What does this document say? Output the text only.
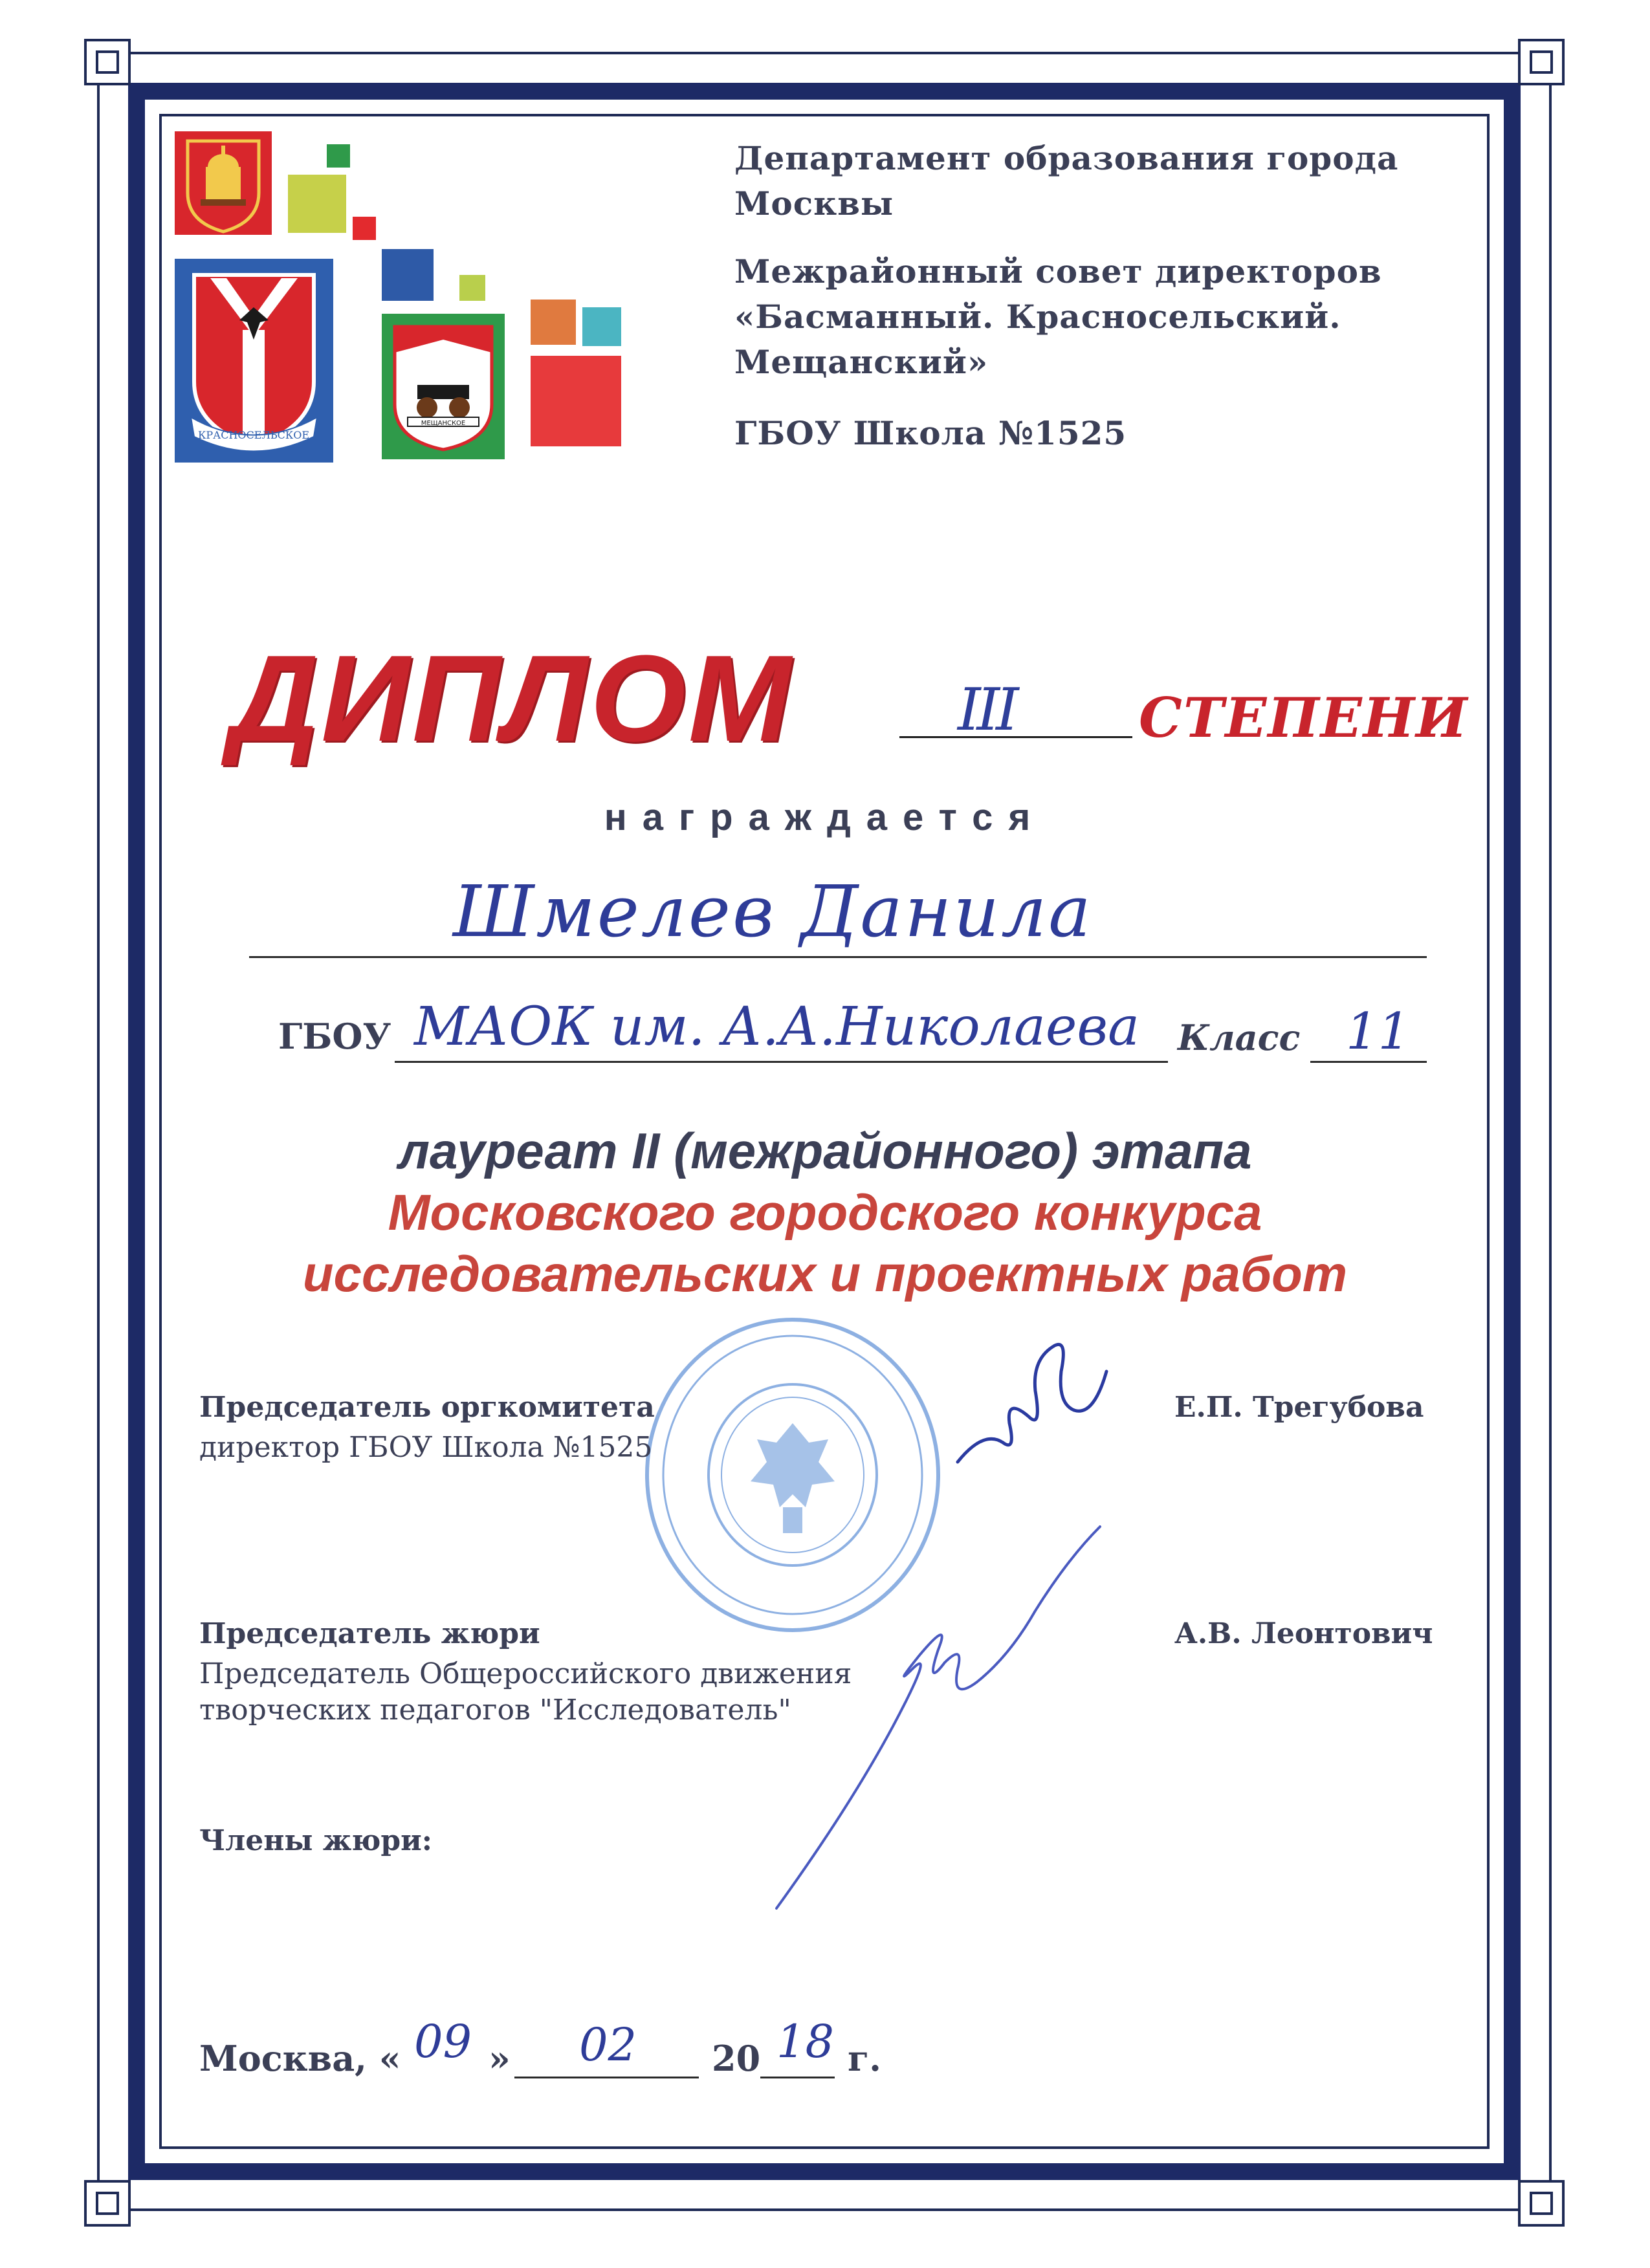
КРАСНОСЕЛЬСКОЕ
МЕЩАНСКОЕ
Департамент образования города
Москвы
Межрайонный совет директоров
«Басманный. Красносельский.
Мещанский»
ГБОУ Школа №1525
ДИПЛОМ	III СТЕПЕНИ
награждается
Шмелев Данила
ГБОУ МАОК им. А.А.Николаева Класс 11
лауреат II (межрайонного) этапа
Московского городского конкурса
исследовательских и проектных работ
Председатель оргкомитета
директор ГБОУ Школа №1525
Е.П. Трегубова
Председатель жюри
Председатель Общероссийского движения
творческих педагогов "Исследователь"
А.В. Леонтович
Члены жюри:
Москва, « 09 » 02 20 18 г.
